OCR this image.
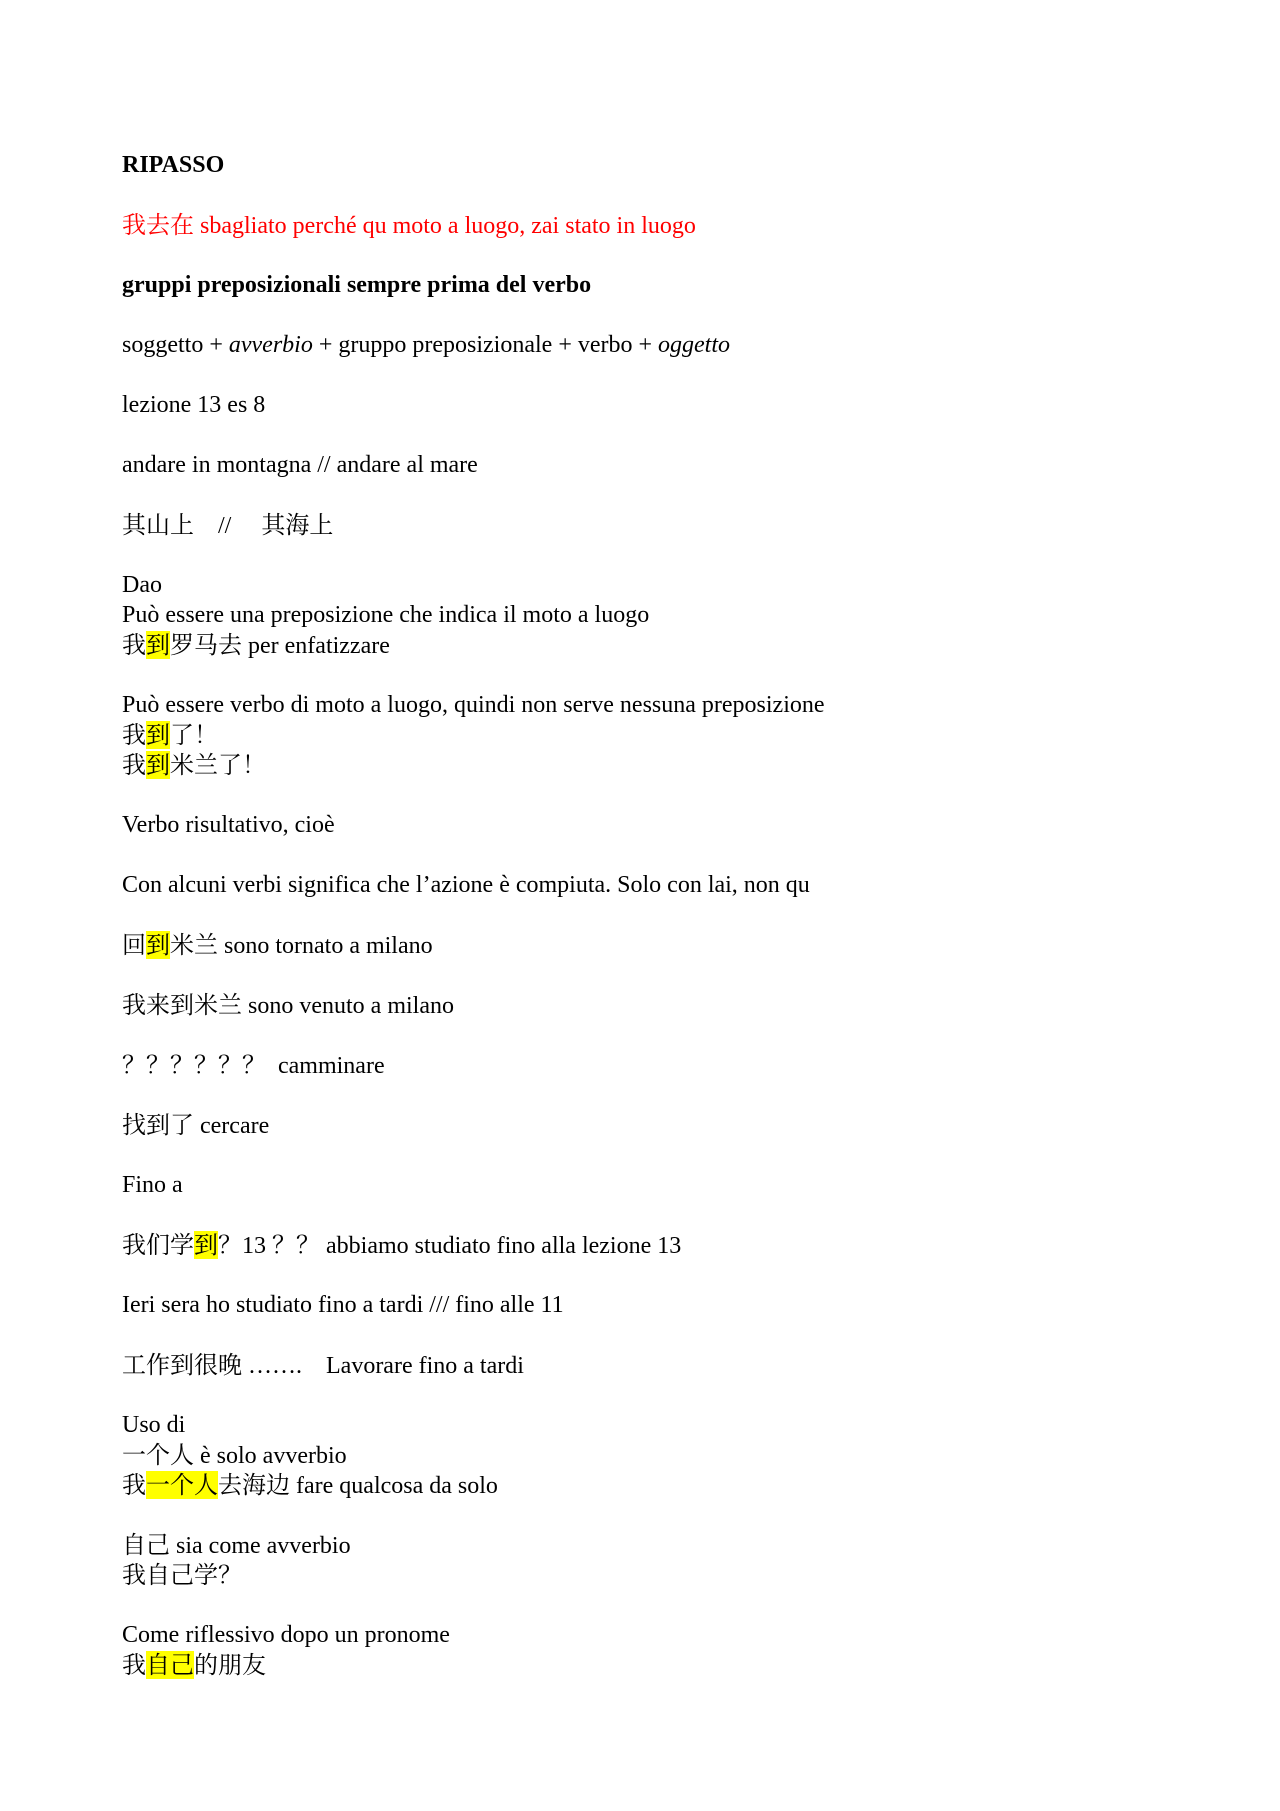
RIPASSO
我去在 sbagliato perché qu moto a luogo, zai stato in luogo
gruppi preposizionali sempre prima del verbo
soggetto + avverbio + gruppo preposizionale + verbo + oggetto
lezione 13 es 8
andare in montagna // andare al mare
其山上    //     其海上
Dao
Può essere una preposizione che indica il moto a luogo
我到罗马去 per enfatizzare
Può essere verbo di moto a luogo, quindi non serve nessuna preposizione
我到了！
我到米兰了！
Verbo risultativo, cioè
Con alcuni verbi significa che l’azione è compiuta. Solo con lai, non qu
回到米兰 sono tornato a milano
我来到米兰 sono venuto a milano
？？？？？？  camminare
找到了 cercare
Fino a
我们学到？13 ？？ abbiamo studiato fino alla lezione 13
Ieri sera ho studiato fino a tardi /// fino alle 11
工作到很晚 …….    Lavorare fino a tardi
Uso di
一个人 è solo avverbio
我一个人去海边 fare qualcosa da solo
自己 sia come avverbio
我自己学？
Come riflessivo dopo un pronome
我自己的朋友
